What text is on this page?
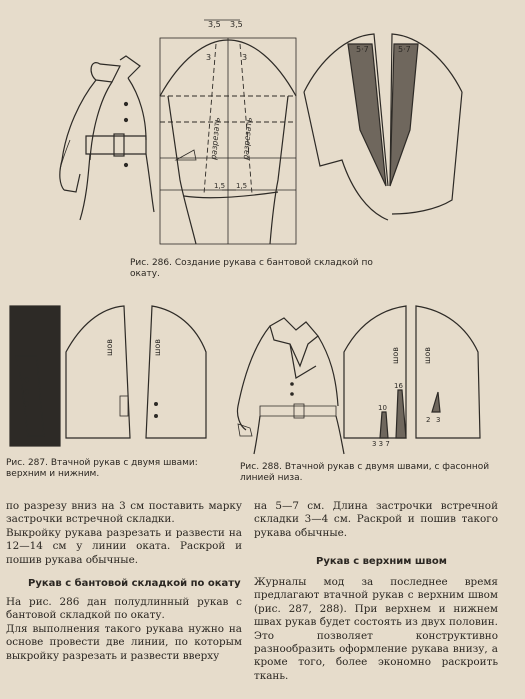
3,5 3,5
3	3
разрезать разрезать
1,5 1,5
5·7	5·7
Рис. 286. Создание рукава с бантовой складкой по окату.
шов	шов
Рис. 287. Втачной рукав с двумя швами: верхним и нижним.
10
16
3 3 7
шов
2 3
шов
Рис. 288. Втачной рукав с двумя швами, с фасонной линией низа.

по разрезу вниз на 3 см поставить марку застрочки встречной складки.
Выкройку рукава разрезать и развести на 12—14 см у линии оката. Раскрой и пошив рукава обычные.

на 5—7 см. Длина застрочки встречной складки 3—4 см. Раскрой и пошив такого рукава обычные.

Рукав с бантовой складкой по окату

На рис. 286 дан полудлинный рукав с бантовой складкой по окату.
Для выполнения такого рукава нужно на основе провести две линии, по которым выкройку разрезать и развести вверху

Рукав с верхним швом

Журналы мод за последнее время предлагают втачной рукав с верхним швом (рис. 287, 288). При верхнем и нижнем швах рукав будет состоять из двух половин. Это позволяет конструктивно разнообразить оформление рукава внизу, а кроме того, более экономно раскроить ткань.
